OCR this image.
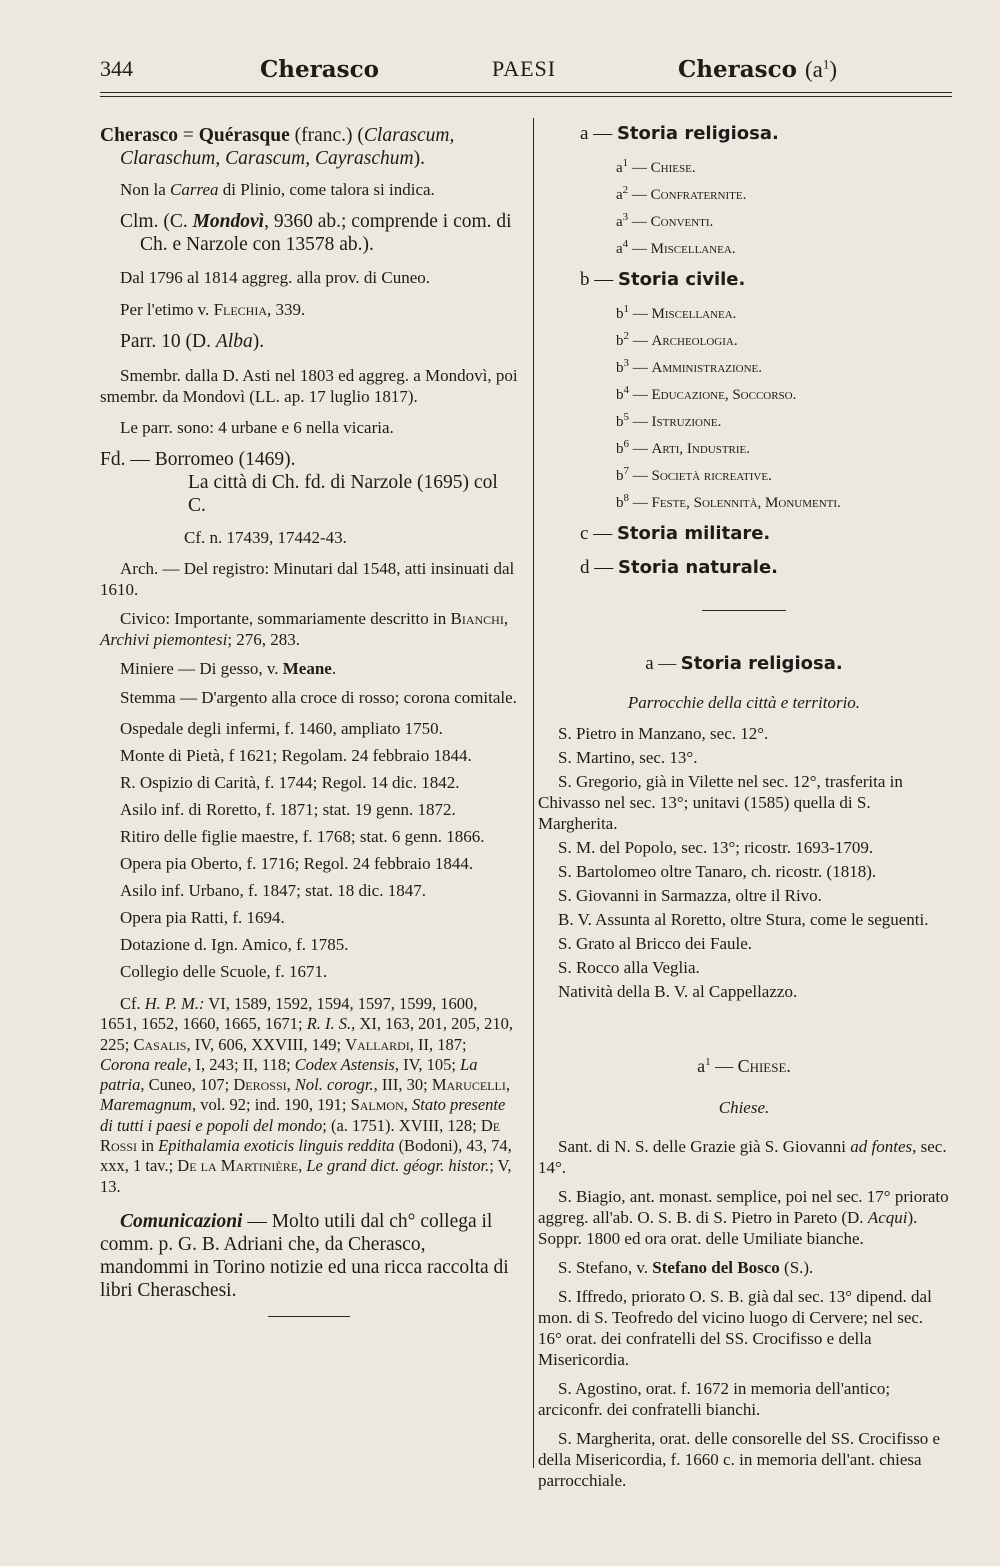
344	Cherasco	PAESI	Cherasco $(a^1)$

Cherasco = Quérasque (franc.) (Clarascum, Claraschum, Carascum, Cayraschum).

Non la Carrea di Plinio, come talora si indica.

Clm. (C. Mondovì, 9360 ab.; comprende i com. di Ch. e Narzole con 13578 ab.).

Dal 1796 al 1814 aggreg. alla prov. di Cuneo.

Per l'etimo v. Flechia, 339.

Parr. 10 (D. Alba).

Smembr. dalla D. Asti nel 1803 ed aggreg. a Mondovì, poi smembr. da Mondovì (LL. ap. 17 luglio 1817).

Le parr. sono: 4 urbane e 6 nella vicaria.

Fd. — Borromeo (1469).

La città di Ch. fd. di Narzole (1695) col C.

Cf. n. 17439, 17442-43.

Arch. — Del registro: Minutari dal 1548, atti insinuati dal 1610.

Civico: Importante, sommariamente descritto in Bianchi, Archivi piemontesi; 276, 283.

Miniere — Di gesso, v. Meane.

Stemma — D'argento alla croce di rosso; corona comitale.

Ospedale degli infermi, f. 1460, ampliato 1750.

Monte di Pietà, f 1621; Regolam. 24 febbraio 1844.

R. Ospizio di Carità, f. 1744; Regol. 14 dic. 1842.

Asilo inf. di Roretto, f. 1871; stat. 19 genn. 1872.

Ritiro delle figlie maestre, f. 1768; stat. 6 genn. 1866.

Opera pia Oberto, f. 1716; Regol. 24 febbraio 1844.

Asilo inf. Urbano, f. 1847; stat. 18 dic. 1847.

Opera pia Ratti, f. 1694.

Dotazione d. Ign. Amico, f. 1785.

Collegio delle Scuole, f. 1671.

Cf. H. P. M.: VI, 1589, 1592, 1594, 1597, 1599, 1600, 1651, 1652, 1660, 1665, 1671; R. I. S., XI, 163, 201, 205, 210, 225; Casalis, IV, 606, XXVIII, 149; Vallardi, II, 187; Corona reale, I, 243; II, 118; Codex Astensis, IV, 105; La patria, Cuneo, 107; Derossi, Nol. corogr., III, 30; Marucelli, Maremagnum, vol. 92; ind. 190, 191; Salmon, Stato presente di tutti i paesi e popoli del mondo; (a. 1751). XVIII, 128; De Rossi in Epithalamia exoticis linguis reddita (Bodoni), 43, 74, xxx, 1 tav.; De la Martinière, Le grand dict. géogr. histor.; V, 13.

Comunicazioni — Molto utili dal ch° collega il comm. p. G. B. Adriani che, da Cherasco, mandommi in Torino notizie ed una ricca raccolta di libri Cheraschesi.

a — Storia religiosa.

$a^1$ — Chiese.

$a^2$ — Confraternite.

$a^3$ — Conventi.

$a^4$ — Miscellanea.

b — Storia civile.

$b^1$ — Miscellanea.

$b^2$ — Archeologia.

$b^3$ — Amministrazione.

$b^4$ — Educazione, Soccorso.

$b^5$ — Istruzione.

$b^6$ — Arti, Industrie.

$b^7$ — Società ricreative.

$b^8$ — Feste, Solennità, Monumenti.

c — Storia militare.

d — Storia naturale.

a — Storia religiosa.

Parrocchie della città e territorio.

S. Pietro in Manzano, sec. 12°.

S. Martino, sec. 13°.

S. Gregorio, già in Vilette nel sec. 12°, trasferita in Chivasso nel sec. 13°; unitavi (1585) quella di S. Margherita.

S. M. del Popolo, sec. 13°; ricostr. 1693-1709.

S. Bartolomeo oltre Tanaro, ch. ricostr. (1818).

S. Giovanni in Sarmazza, oltre il Rivo.

B. V. Assunta al Roretto, oltre Stura, come le seguenti.

S. Grato al Bricco dei Faule.

S. Rocco alla Veglia.

Natività della B. V. al Cappellazzo.

$a^1$ — Chiese.

Chiese.

Sant. di N. S. delle Grazie già S. Giovanni ad fontes, sec. 14°.

S. Biagio, ant. monast. semplice, poi nel sec. 17° priorato aggreg. all'ab. O. S. B. di S. Pietro in Pareto (D. Acqui). Soppr. 1800 ed ora orat. delle Umiliate bianche.

S. Stefano, v. Stefano del Bosco (S.).

S. Iffredo, priorato O. S. B. già dal sec. 13° dipend. dal mon. di S. Teofredo del vicino luogo di Cervere; nel sec. 16° orat. dei confratelli del SS. Crocifisso e della Misericordia.

S. Agostino, orat. f. 1672 in memoria dell'antico; arciconfr. dei confratelli bianchi.

S. Margherita, orat. delle consorelle del SS. Crocifisso e della Misericordia, f. 1660 c. in memoria dell'ant. chiesa parrocchiale.
